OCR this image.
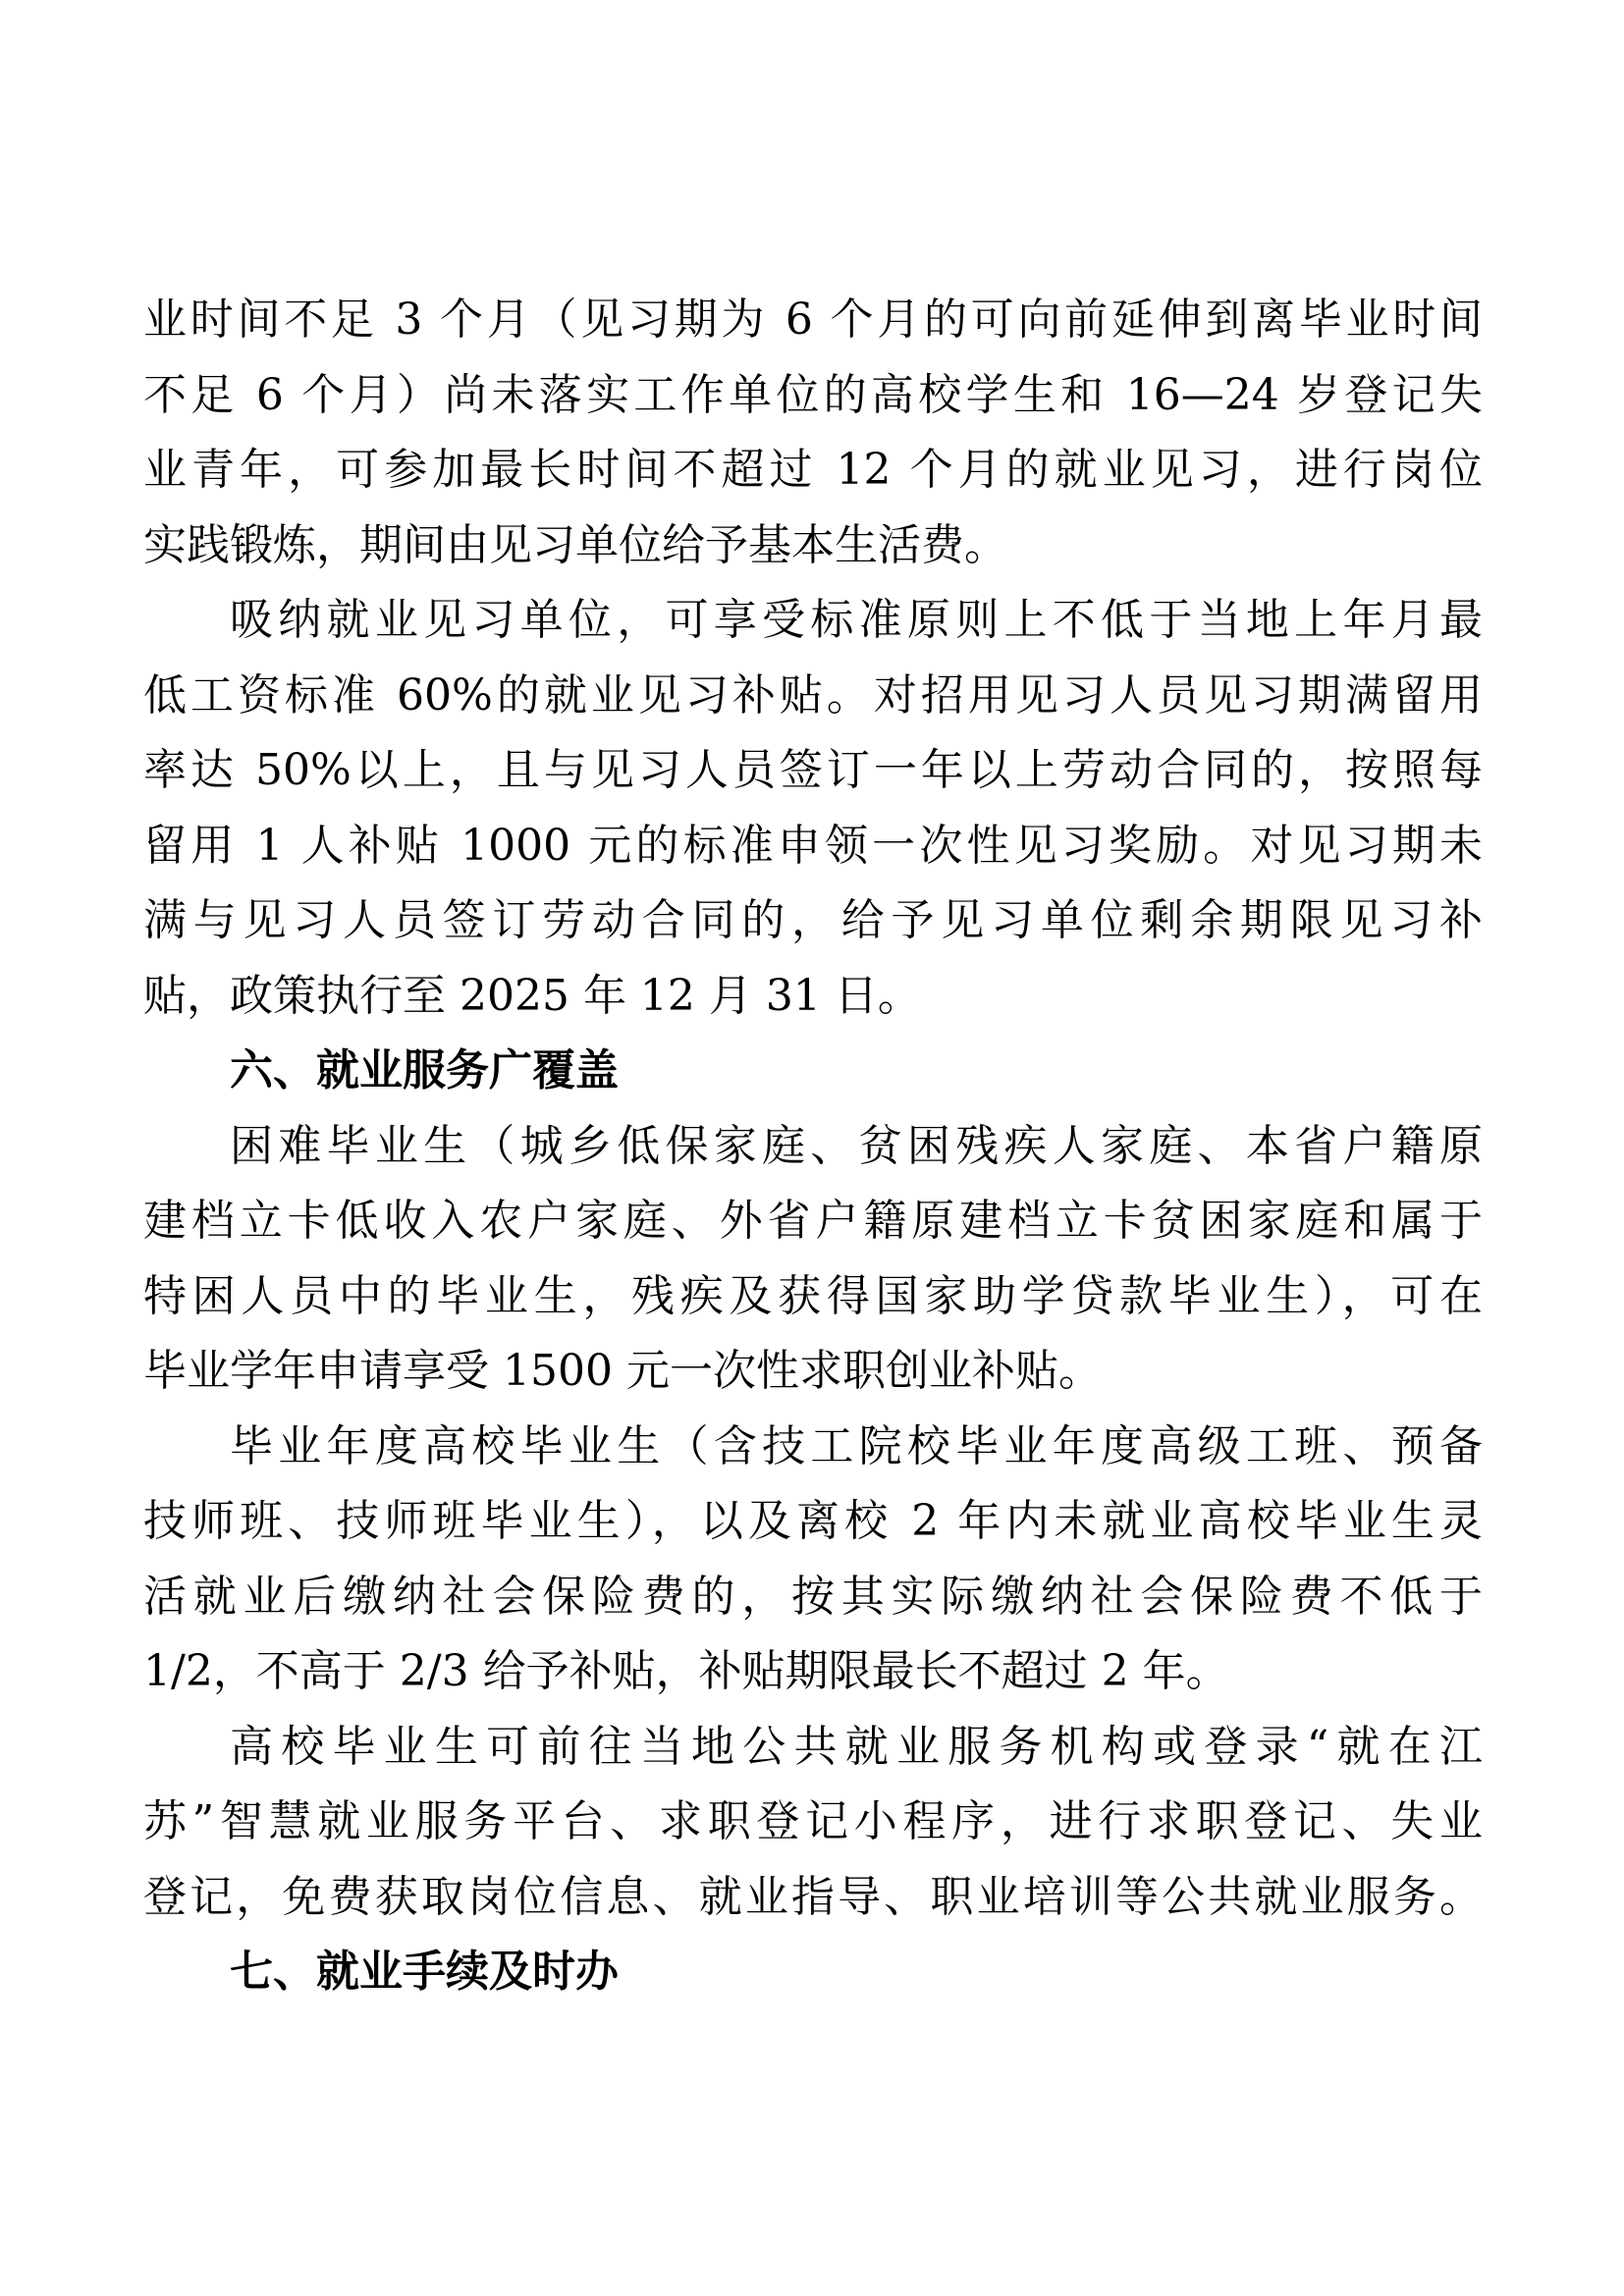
业时间不足 3 个月（见习期为 6 个月的可向前延伸到离毕业时间
不足 6 个月）尚未落实工作单位的高校学生和 16—24 岁登记失
业青年，可参加最长时间不超过 12 个月的就业见习，进行岗位
实践锻炼，期间由见习单位给予基本生活费。
吸纳就业见习单位，可享受标准原则上不低于当地上年月最
低工资标准 60%的就业见习补贴。对招用见习人员见习期满留用
率达 50%以上，且与见习人员签订一年以上劳动合同的，按照每
留用 1 人补贴 1000 元的标准申领一次性见习奖励。对见习期未
满与见习人员签订劳动合同的，给予见习单位剩余期限见习补
贴，政策执行至 2025 年 12 月 31 日。
六、就业服务广覆盖
困难毕业生（城乡低保家庭、贫困残疾人家庭、本省户籍原
建档立卡低收入农户家庭、外省户籍原建档立卡贫困家庭和属于
特困人员中的毕业生，残疾及获得国家助学贷款毕业生），可在
毕业学年申请享受 1500 元一次性求职创业补贴。
毕业年度高校毕业生（含技工院校毕业年度高级工班、预备
技师班、技师班毕业生），以及离校 2 年内未就业高校毕业生灵
活就业后缴纳社会保险费的，按其实际缴纳社会保险费不低于
1/2，不高于 2/3 给予补贴，补贴期限最长不超过 2 年。
高校毕业生可前往当地公共就业服务机构或登录“就在江
苏”智慧就业服务平台、求职登记小程序，进行求职登记、失业
登记，免费获取岗位信息、就业指导、职业培训等公共就业服务。
七、就业手续及时办
